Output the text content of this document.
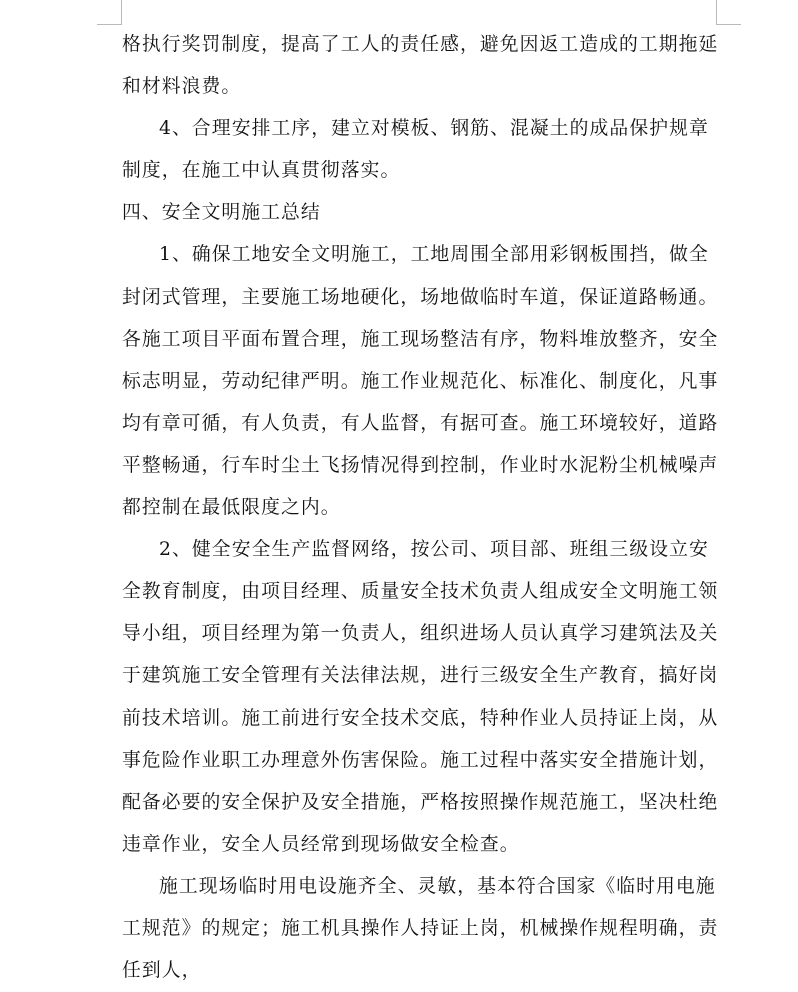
格执行奖罚制度，提高了工人的责任感，避免因返工造成的工期拖延和材料浪费。

4、合理安排工序，建立对模板、钢筋、混凝土的成品保护规章制度，在施工中认真贯彻落实。

四、安全文明施工总结

1、确保工地安全文明施工，工地周围全部用彩钢板围挡，做全封闭式管理，主要施工场地硬化，场地做临时车道，保证道路畅通。各施工项目平面布置合理，施工现场整洁有序，物料堆放整齐，安全标志明显，劳动纪律严明。施工作业规范化、标准化、制度化，凡事均有章可循，有人负责，有人监督，有据可查。施工环境较好，道路平整畅通，行车时尘土飞扬情况得到控制，作业时水泥粉尘机械噪声都控制在最低限度之内。

2、健全安全生产监督网络，按公司、项目部、班组三级设立安全教育制度，由项目经理、质量安全技术负责人组成安全文明施工领导小组，项目经理为第一负责人，组织进场人员认真学习建筑法及关于建筑施工安全管理有关法律法规，进行三级安全生产教育，搞好岗前技术培训。施工前进行安全技术交底，特种作业人员持证上岗，从事危险作业职工办理意外伤害保险。施工过程中落实安全措施计划，配备必要的安全保护及安全措施，严格按照操作规范施工，坚决杜绝违章作业，安全人员经常到现场做安全检查。

施工现场临时用电设施齐全、灵敏，基本符合国家《临时用电施工规范》的规定；施工机具操作人持证上岗，机械操作规程明确，责任到人，
